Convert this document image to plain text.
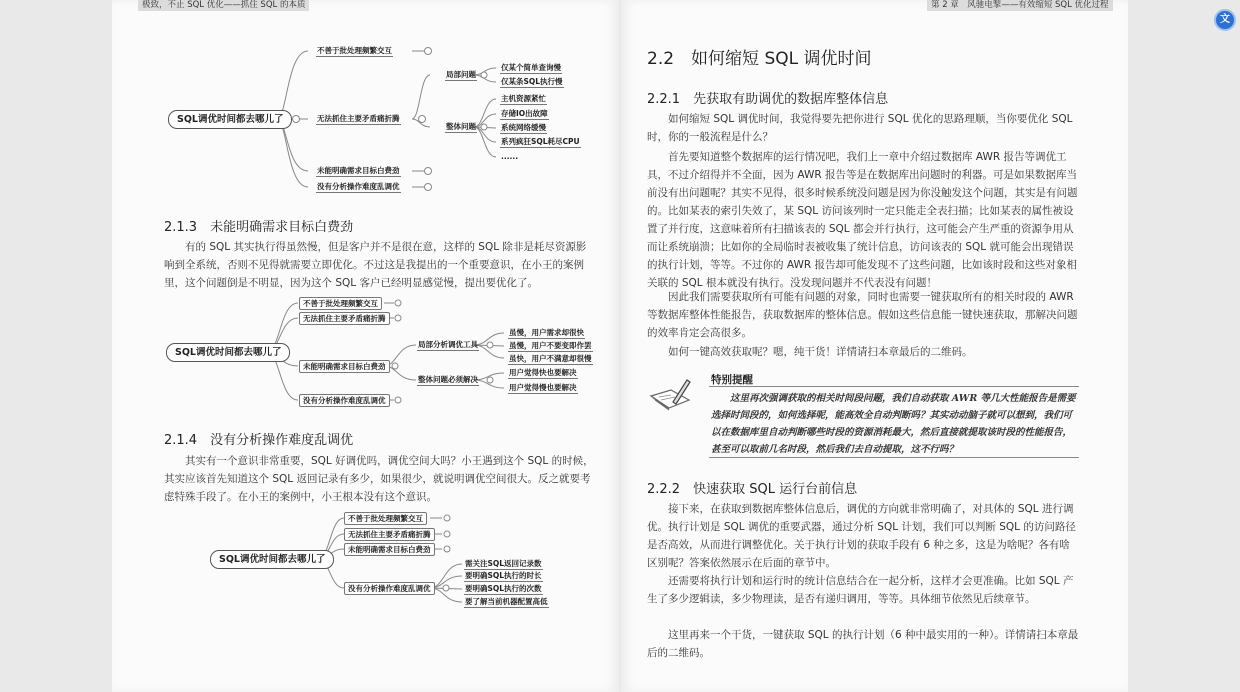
极致，不止 SQL 优化——抓住 SQL 的本质
SQL调优时间都去哪儿了
不善于批处理频繁交互
无法抓住主要矛盾痛折腾
未能明确需求目标白费劲
没有分析操作难度乱调优
局部问题
整体问题
仅某个简单查询慢
仅某条SQL执行慢
主机资源紧忙
存储IO出故障
系统网络缓慢
系列疯狂SQL耗尽CPU
......
2.1.3　未能明确需求目标白费劲

有的 SQL 其实执行得虽然慢，但是客户并不是很在意，这样的 SQL 除非是耗尽资源影响到全系统，否则不见得就需要立即优化。不过这是我提出的一个重要意识，在小王的案例里，这个问题倒是不明显，因为这个 SQL 客户已经明显感觉慢，提出要优化了。

SQL调优时间都去哪儿了
不善于批处理频繁交互
无法抓住主要矛盾痛折腾
未能明确需求目标白费劲
没有分析操作难度乱调优
局部分析调优工具
整体问题必须解决
虽慢，用户需求却很快
虽慢，用户不要变即作罢
虽快，用户不满意却很慢
用户觉得快也要解决
用户觉得慢也要解决
2.1.4　没有分析操作难度乱调优

其实有一个意识非常重要，SQL 好调优吗，调优空间大吗？小王遇到这个 SQL 的时候，其实应该首先知道这个 SQL 返回记录有多少，如果很少，就说明调优空间很大。反之就要考虑特殊手段了。在小王的案例中，小王根本没有这个意识。

SQL调优时间都去哪儿了
不善于批处理频繁交互
无法抓住主要矛盾痛折腾
未能明确需求目标白费劲
没有分析操作难度乱调优
需关注SQL返回记录数
要明确SQL执行的时长
要明确SQL执行的次数
要了解当前机器配置高低
第 2 章　风驰电掣——有效缩短 SQL 优化过程
2.2　如何缩短 SQL 调优时间
2.2.1　先获取有助调优的数据库整体信息

如何缩短 SQL 调优时间，我觉得要先把你进行 SQL 优化的思路理顺，当你要优化 SQL 时，你的一般流程是什么？

首先要知道整个数据库的运行情况吧，我们上一章中介绍过数据库 AWR 报告等调优工具，不过介绍得并不全面，因为 AWR 报告等是在数据库出问题时的利器。可是如果数据库当前没有出问题呢？其实不见得，很多时候系统没问题是因为你没触发这个问题，其实是有问题的。比如某表的索引失效了，某 SQL 访问该列时一定只能走全表扫描；比如某表的属性被设置了并行度，这意味着所有扫描该表的 SQL 都会并行执行，这可能会产生严重的资源争用从而让系统崩溃；比如你的全局临时表被收集了统计信息，访问该表的 SQL 就可能会出现错误的执行计划，等等。不过你的 AWR 报告却可能发现不了这些问题，比如该时段和这些对象相关联的 SQL 根本就没有执行。没发现问题并不代表没有问题！

因此我们需要获取所有可能有问题的对象，同时也需要一键获取所有的相关时段的 AWR 等数据库整体性能报告，获取数据库的整体信息。假如这些信息能一键快速获取，那解决问题的效率肯定会高很多。

如何一键高效获取呢？嗯，纯干货！详情请扫本章最后的二维码。

特别提醒

这里再次强调获取的相关时间段问题，我们自动获取 AWR 等几大性能报告是需要选择时间段的，如何选择呢，能高效全自动判断吗？其实动动脑子就可以想到，我们可以在数据库里自动判断哪些时段的资源消耗最大，然后直接就提取该时段的性能报告，甚至可以取前几名时段，然后我们去自动提取，这不行吗？

2.2.2　快速获取 SQL 运行台前信息

接下来，在获取到数据库整体信息后，调优的方向就非常明确了，对具体的 SQL 进行调优。执行计划是 SQL 调优的重要武器，通过分析 SQL 计划，我们可以判断 SQL 的访问路径是否高效，从而进行调整优化。关于执行计划的获取手段有 6 种之多，这是为啥呢？各有啥区别呢？答案依然展示在后面的章节中。

还需要将执行计划和运行时的统计信息结合在一起分析，这样才会更准确。比如 SQL 产生了多少逻辑读，多少物理读，是否有递归调用，等等。具体细节依然见后续章节。

这里再来一个干货，一键获取 SQL 的执行计划（6 种中最实用的一种）。详情请扫本章最后的二维码。

文
